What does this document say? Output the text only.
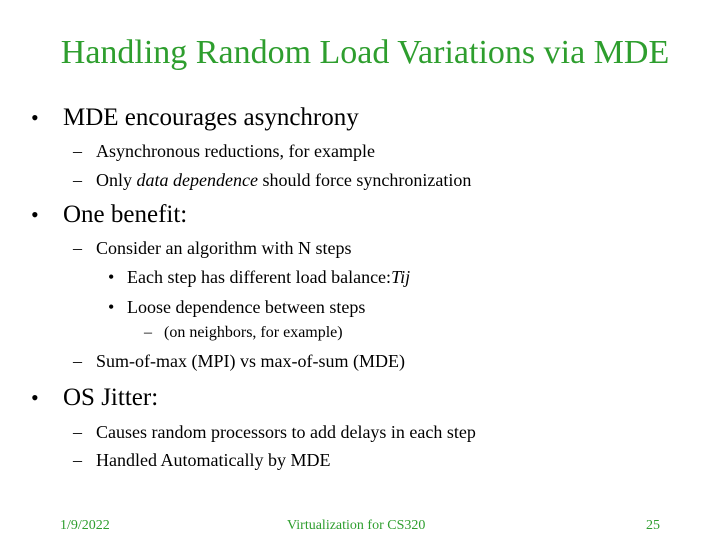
Handling Random Load Variations via MDE
• MDE encourages asynchrony
– Asynchronous reductions, for example
– Only data dependence should force synchronization
• One benefit:
– Consider an algorithm with N steps
• Each step has different load balance:Tij
• Loose dependence between steps
– (on neighbors, for example)
– Sum-of-max (MPI) vs max-of-sum (MDE)
• OS Jitter:
– Causes random processors to add delays in each step
– Handled Automatically by MDE
1/9/2022	Virtualization for CS320	25
